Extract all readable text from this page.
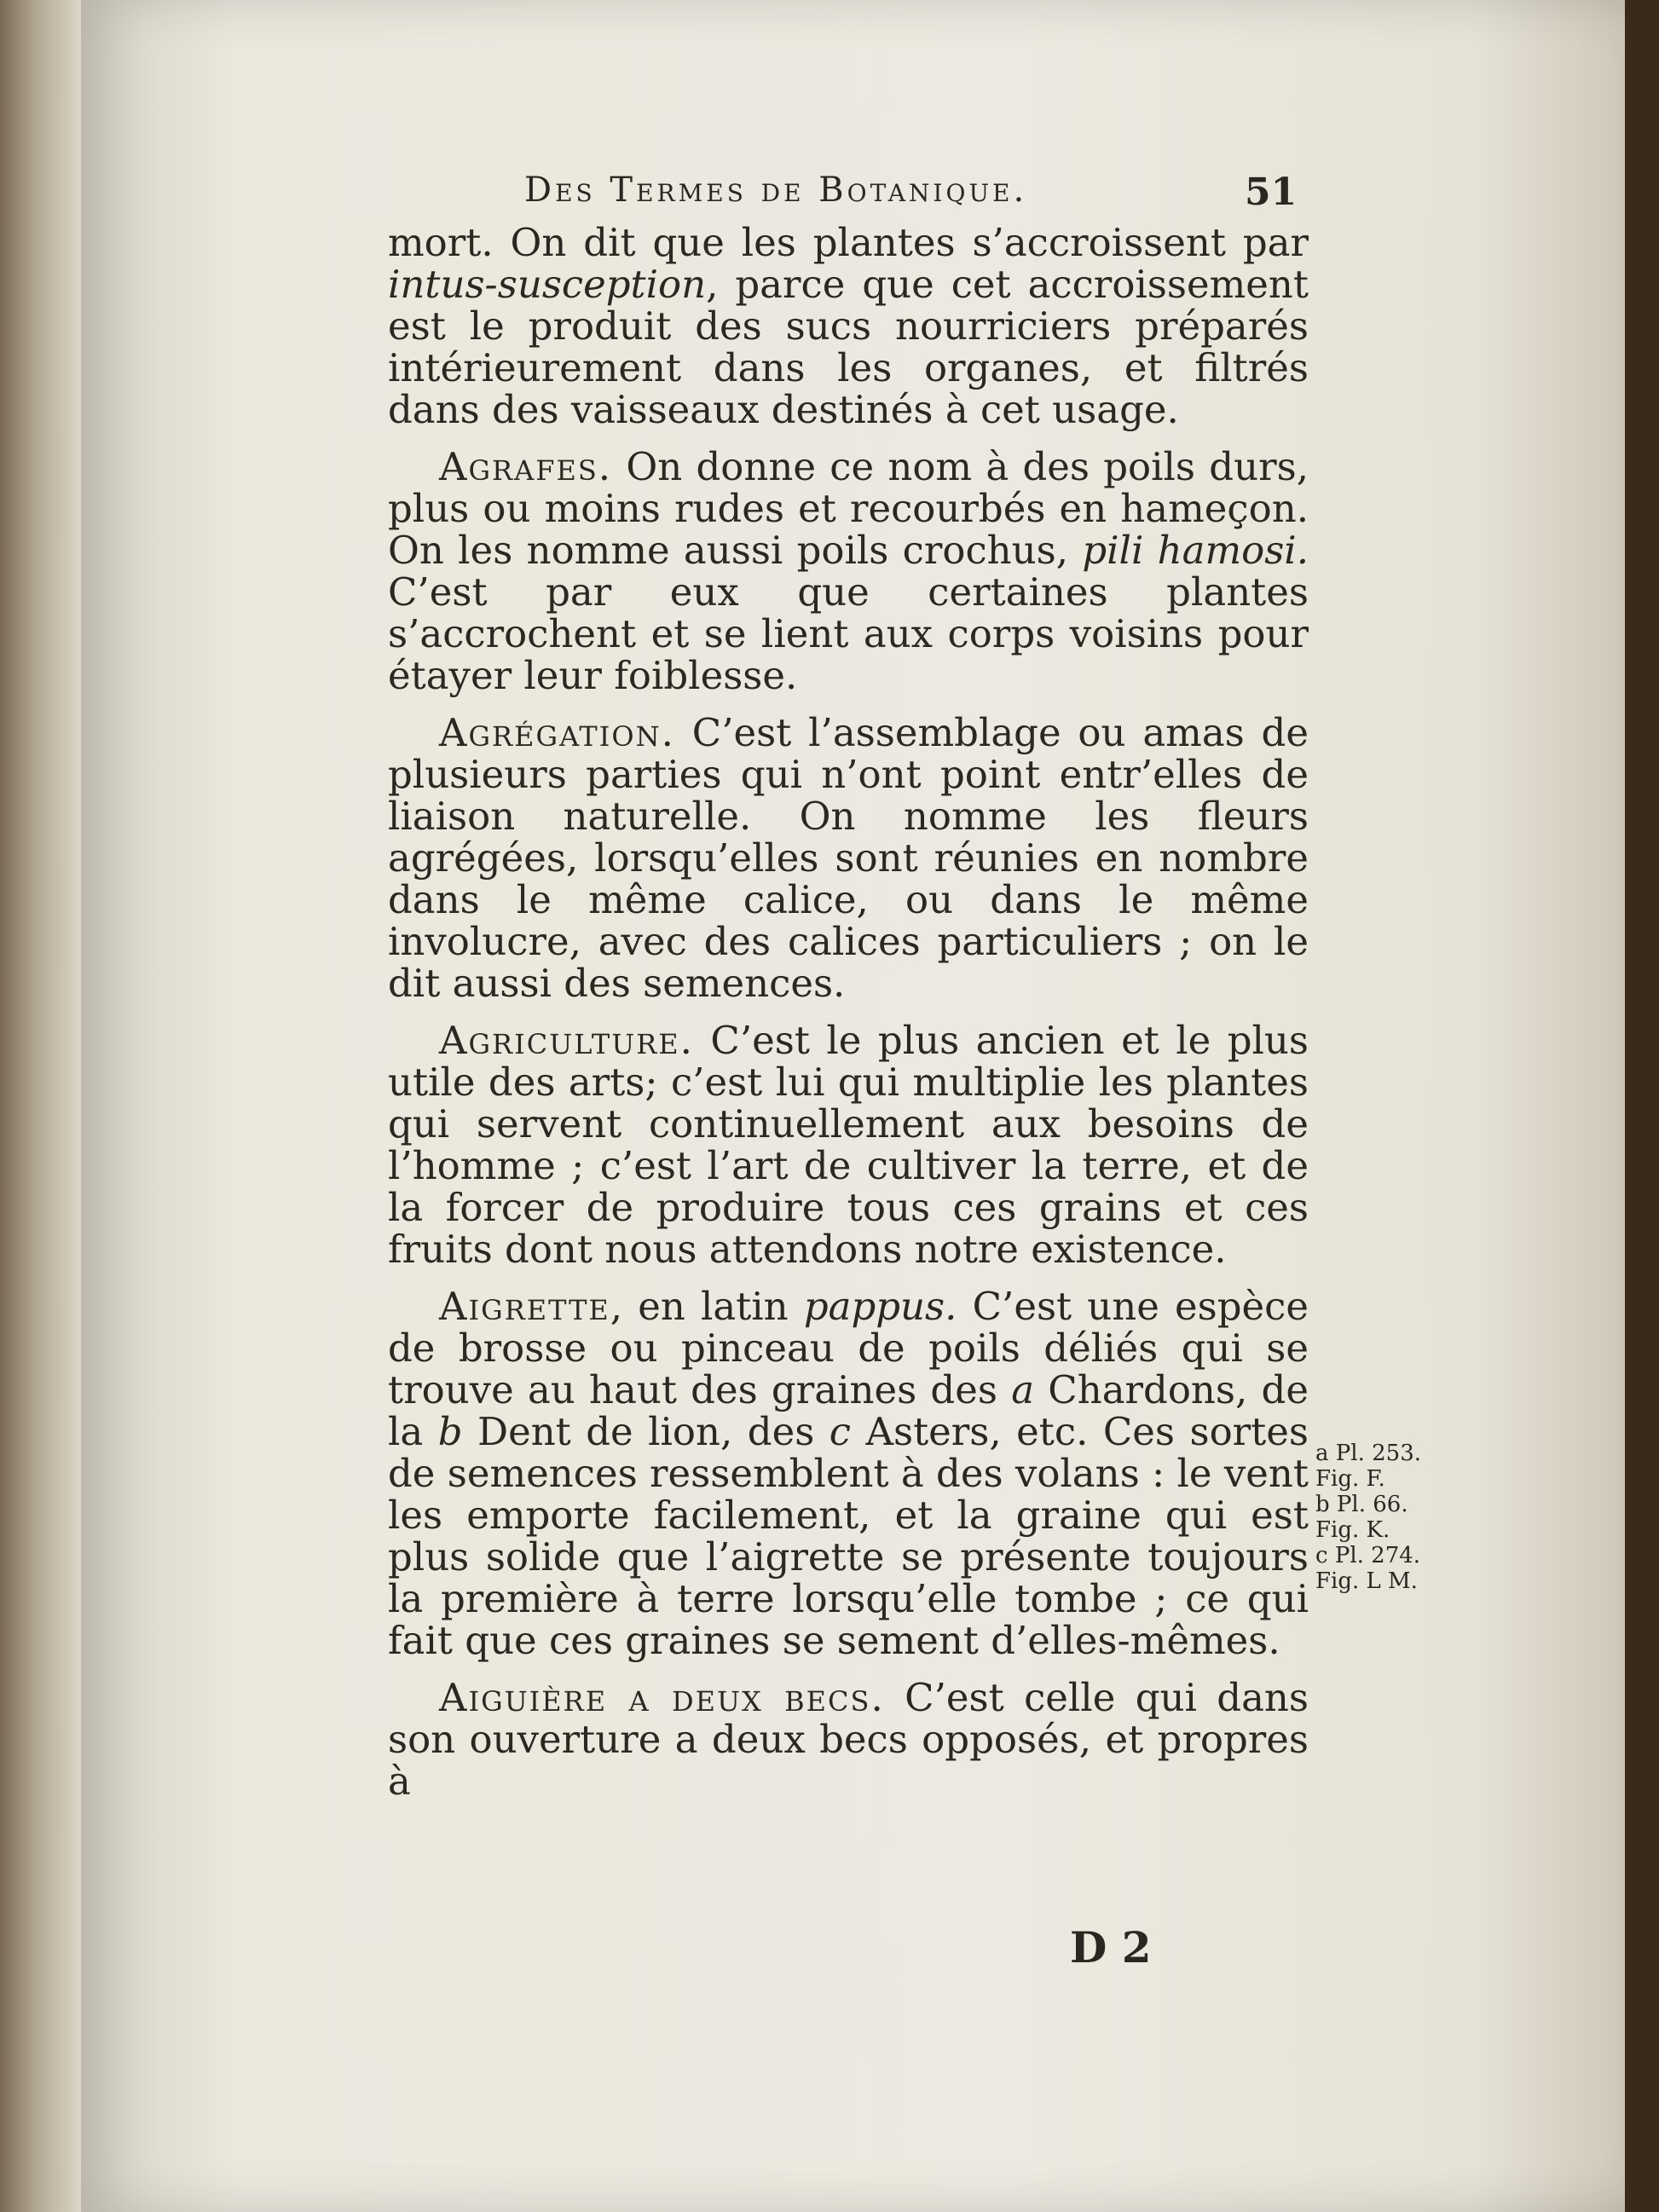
Des Termes de Botanique.	51

mort. On dit que les plantes s’accroissent par intus-susception, parce que cet accroissement est le produit des sucs nourriciers préparés intérieurement dans les organes, et filtrés dans des vaisseaux destinés à cet usage.

Agrafes. On donne ce nom à des poils durs, plus ou moins rudes et recourbés en hameçon. On les nomme aussi poils crochus, pili hamosi. C’est par eux que certaines plantes s’accrochent et se lient aux corps voisins pour étayer leur foiblesse.

Agrégation. C’est l’assemblage ou amas de plusieurs parties qui n’ont point entr’elles de liaison naturelle. On nomme les fleurs agrégées, lorsqu’elles sont réunies en nombre dans le même calice, ou dans le même involucre, avec des calices particuliers ; on le dit aussi des semences.

Agriculture. C’est le plus ancien et le plus utile des arts; c’est lui qui multiplie les plantes qui servent continuellement aux besoins de l’homme ; c’est l’art de cultiver la terre, et de la forcer de produire tous ces grains et ces fruits dont nous attendons notre existence.

Aigrette, en latin pappus. C’est une espèce de brosse ou pinceau de poils déliés qui se trouve au haut des graines des a Chardons, de la b Dent de lion, des c Asters, etc. Ces sortes de semences ressemblent à des volans : le vent les emporte facilement, et la graine qui est plus solide que l’aigrette se présente toujours la première à terre lorsqu’elle tombe ; ce qui fait que ces graines se sement d’elles-mêmes.

Aiguière a deux becs. C’est celle qui dans son ouverture a deux becs opposés, et propres à

a Pl. 253.
Fig. F.
b Pl. 66.
Fig. K.
c Pl. 274.
Fig. L M.
D 2
